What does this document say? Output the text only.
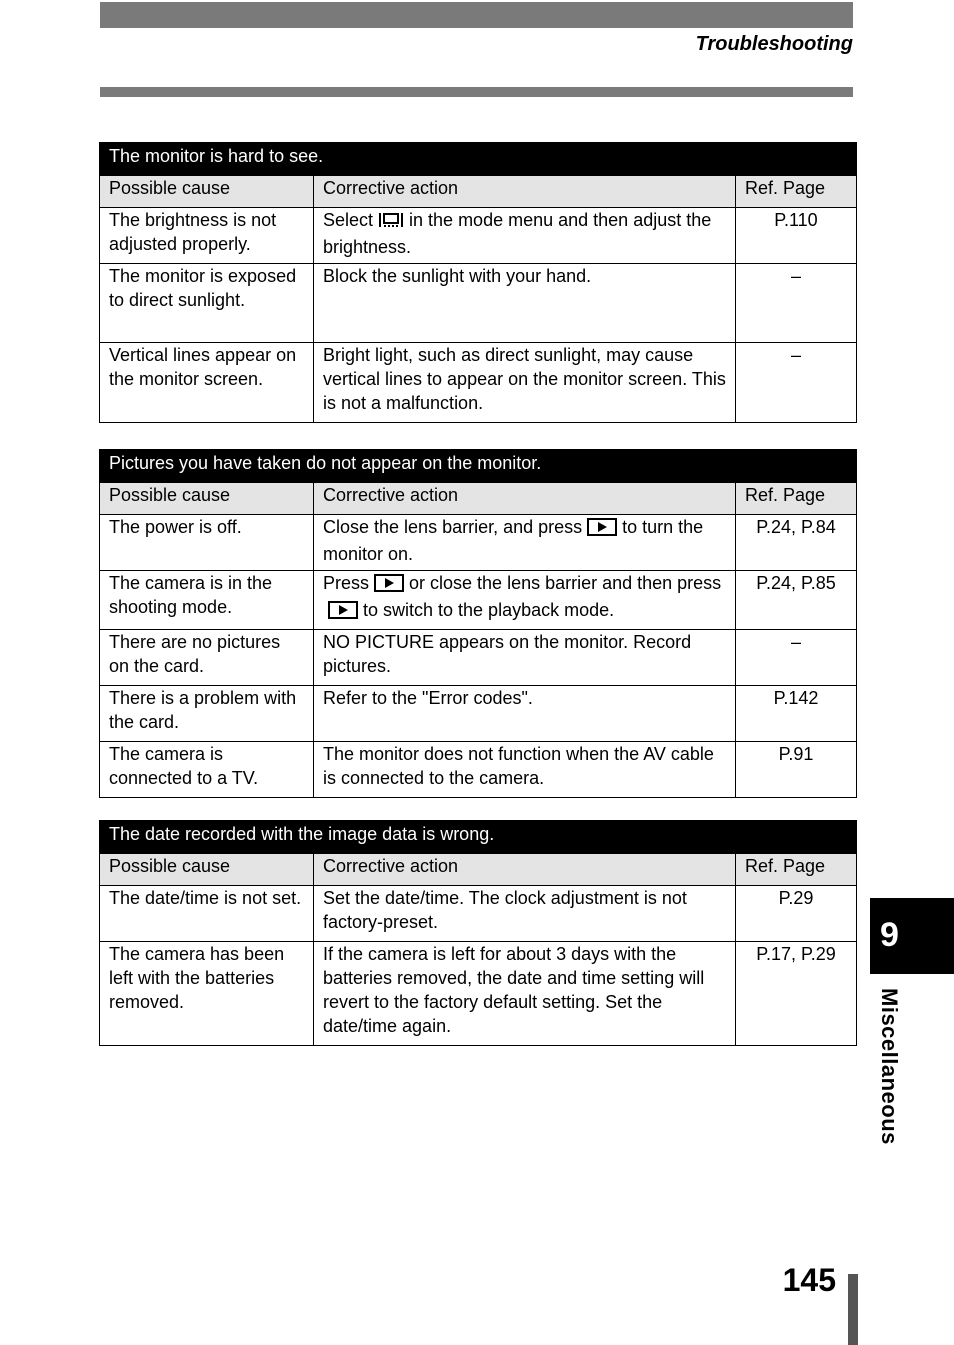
Troubleshooting
The monitor is hard to see.		
Possible cause	Corrective action	Ref. Page
The brightness is not adjusted properly.	Select in the mode menu and then adjust the brightness.	P.110
The monitor is exposed to direct sunlight.	Block the sunlight with your hand.	–
Vertical lines appear on the monitor screen.	Bright light, such as direct sunlight, may cause vertical lines to appear on the monitor screen. This is not a malfunction.	–
Pictures you have taken do not appear on the monitor.		
Possible cause	Corrective action	Ref. Page
The power is off.	Close the lens barrier, and press to turn the monitor on.	P.24, P.84
The camera is in the shooting mode.	Press or close the lens barrier and then pressto switch to the playback mode.	P.24, P.85
There are no pictures on the card.	NO PICTURE appears on the monitor. Record pictures.	–
There is a problem with the card.	Refer to the "Error codes".	P.142
The camera is connected to a TV.	The monitor does not function when the AV cable is connected to the camera.	P.91
The date recorded with the image data is wrong.		
Possible cause	Corrective action	Ref. Page
The date/time is not set.	Set the date/time. The clock adjustment is not factory-preset.	P.29
The camera has been left with the batteries removed.	If the camera is left for about 3 days with the batteries removed, the date and time setting will revert to the factory default setting. Set the date/time again.	P.17, P.29 9
Miscellaneous
145
